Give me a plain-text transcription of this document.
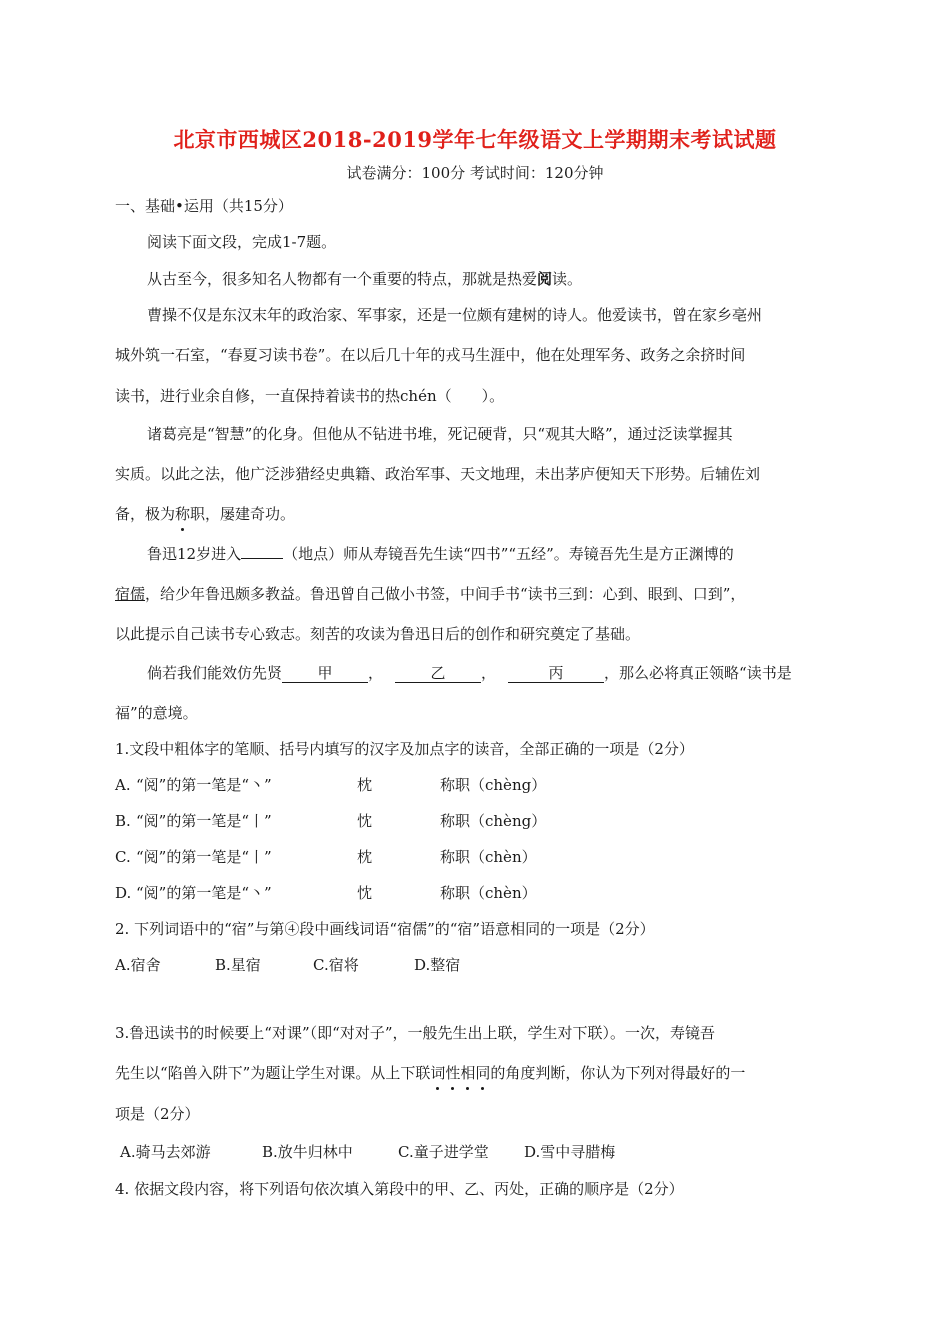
北京市西城区2018-2019学年七年级语文上学期期末考试试题
试卷满分：100分 考试时间：120分钟
一、基础•运用（共15分）
阅读下面文段，完成1-7题。
从古至今，很多知名人物都有一个重要的特点，那就是热爱阅读。
曹操不仅是东汉末年的政治家、军事家，还是一位颇有建树的诗人。他爱读书，曾在家乡亳州
城外筑一石室，“春夏习读书卷”。在以后几十年的戎马生涯中，他在处理军务、政务之余挤时间
读书，进行业余自修，一直保持着读书的热chén（　　）。
诸葛亮是“智慧”的化身。但他从不钻进书堆，死记硬背，只“观其大略”，通过泛读掌握其
实质。以此之法，他广泛涉猎经史典籍、政治军事、天文地理，未出茅庐便知天下形势。后辅佐刘
备，极为称职，屡建奇功。
鲁迅12岁进入	（地点）师从寿镜吾先生读“四书”“五经”。寿镜吾先生是方正渊博的
宿儒，给少年鲁迅颇多教益。鲁迅曾自己做小书签，中间手书“读书三到：心到、眼到、口到”，
以此提示自己读书专心致志。刻苦的攻读为鲁迅日后的创作和研究奠定了基础。
倘若我们能效仿先贤 甲 ，	乙 ，	丙	，那么必将真正领略“读书是
福”的意境。
1.文段中粗体字的笔顺、括号内填写的汉字及加点字的读音，全部正确的一项是（2分）
A. “阅”的第一笔是“丶”	枕	称职（chèng）
B. “阅”的第一笔是“丨”	忱	称职（chèng）
C. “阅”的第一笔是“丨”	枕	称职（chèn）
D. “阅”的第一笔是“丶”	忱	称职（chèn）
2. 下列词语中的“宿”与第④段中画线词语“宿儒”的“宿”语意相同的一项是（2分）
A.宿舍	B.星宿	C.宿将	D.整宿
3.鲁迅读书的时候要上“对课”（即“对对子”，一般先生出上联，学生对下联）。一次，寿镜吾
先生以“陷兽入阱下”为题让学生对课。从上下联词性相同的角度判断，你认为下列对得最好的一
项是（2分）
A.骑马去郊游	B.放牛归林中	C.童子进学堂 D.雪中寻腊梅
4. 依据文段内容，将下列语句依次填入第段中的甲、乙、丙处，正确的顺序是（2分）
